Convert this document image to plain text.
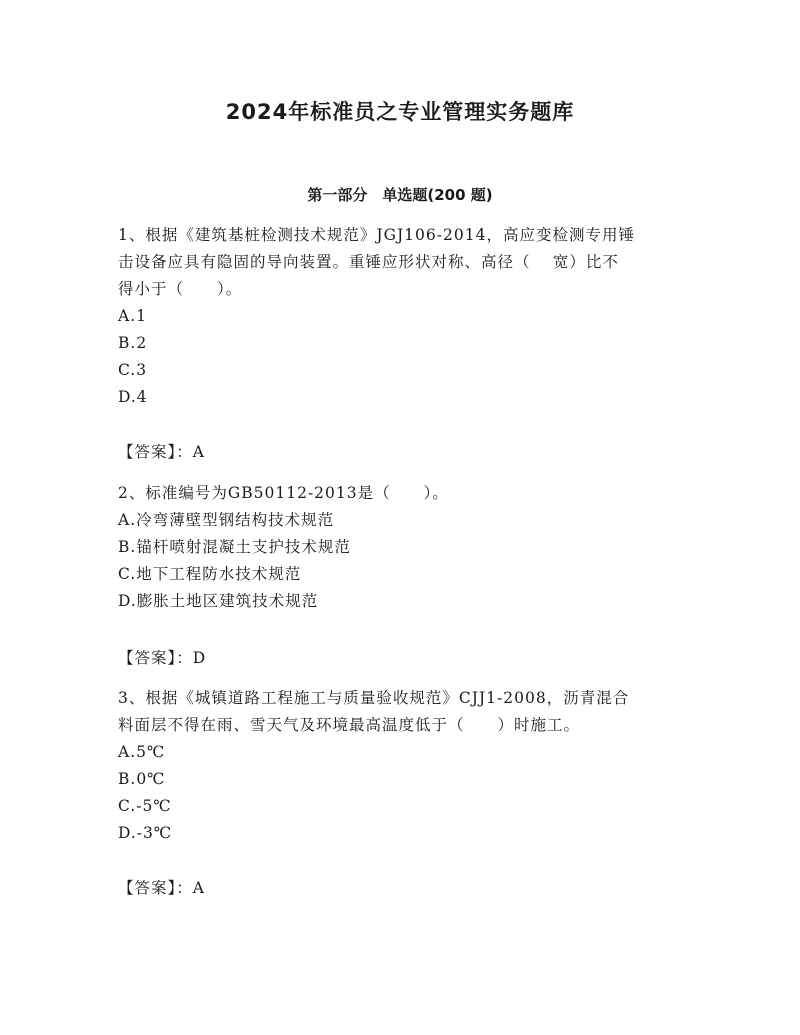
2024年标准员之专业管理实务题库
第一部分　单选题(200 题)
1、根据《建筑基桩检测技术规范》JGJ106-2014，高应变检测专用锤
击设备应具有隐固的导向装置。重锤应形状对称、高径（　 宽）比不
得小于（　　）。
A.1
B.2
C.3
D.4
【答案】：A
2、标准编号为GB50112-2013是（　　）。
A.冷弯薄壁型钢结构技术规范
B.锚杆喷射混凝土支护技术规范
C.地下工程防水技术规范
D.膨胀土地区建筑技术规范
【答案】：D
3、根据《城镇道路工程施工与质量验收规范》CJJ1-2008，沥青混合
料面层不得在雨、雪天气及环境最高温度低于（　　）时施工。
A.5℃
B.0℃
C.-5℃
D.-3℃
【答案】：A
